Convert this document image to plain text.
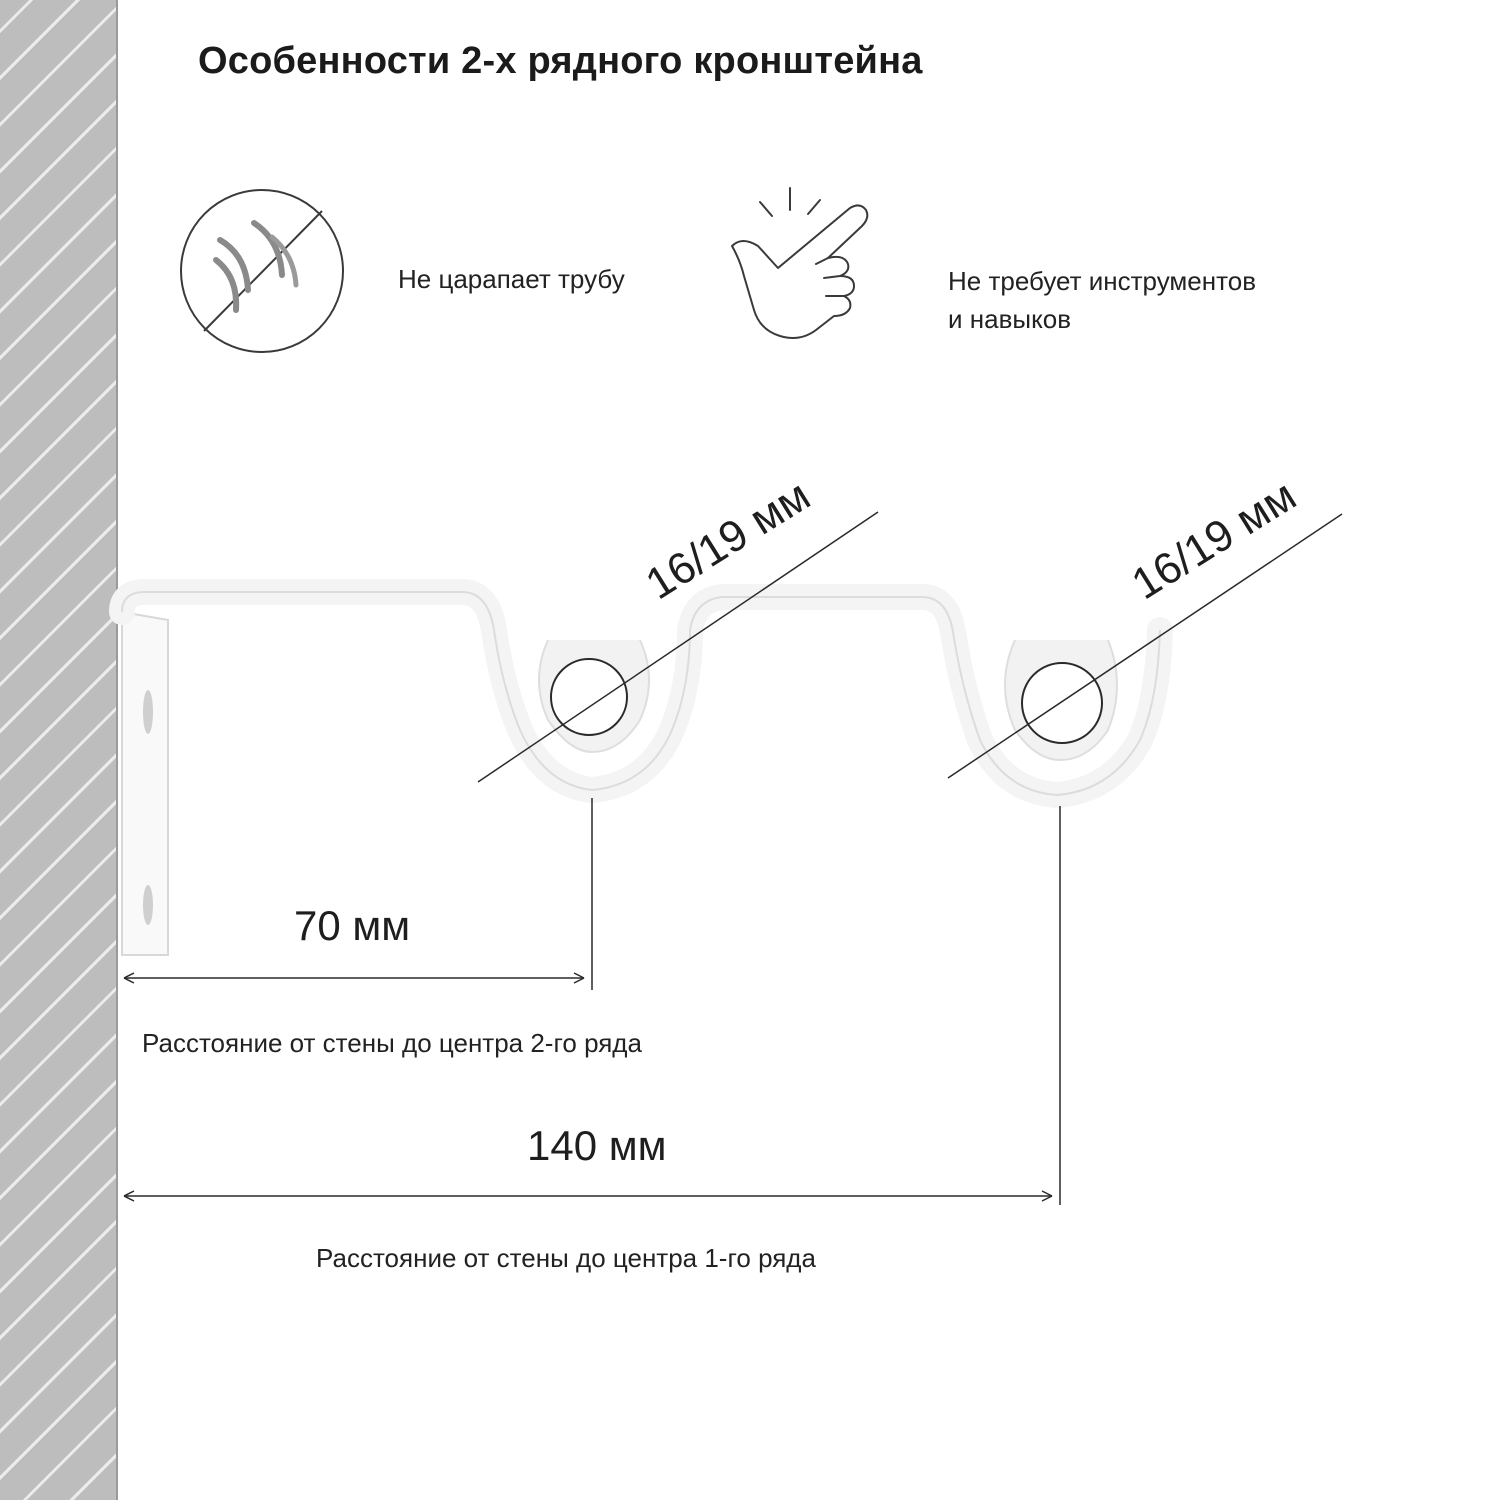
Особенности 2-х рядного кронштейна
Не царапает трубу	Не требует инструментов
и навыков
16/19 мм	16/19 мм
70 мм
Расстояние от стены до центра 2-го ряда
140 мм
Расстояние от стены до центра 1-го ряда
